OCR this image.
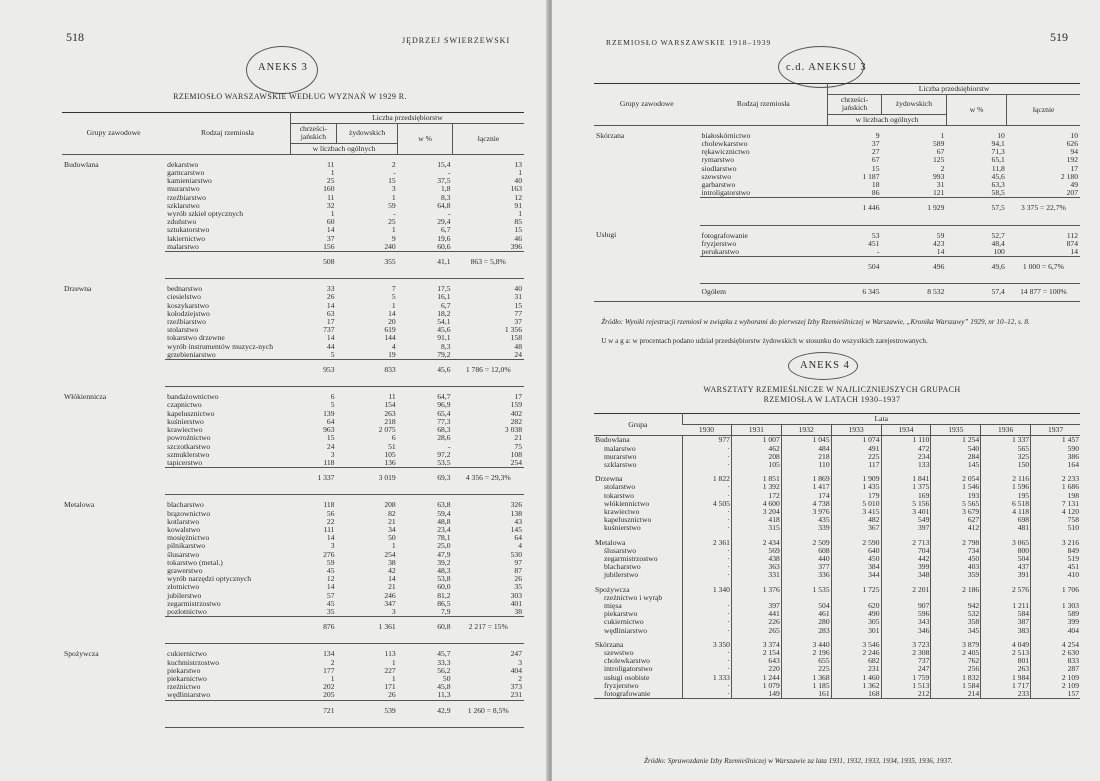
518	JĘDRZEJ SWIERZEWSKI
ANEKS 3
RZEMIOSŁO WARSZAWSKIE WEDŁUG WYZNAŃ W 1929 R.
Grupy zawodowe	Rodzaj rzemiosła	Liczba przedsiębiorstw			
		chrześci-jańskich	żydowskich	w %	łącznie
		w liczbach ogólnych			
Budowlana	dekarstwo	11	2	15,4	13
	garncarstwo	1	-	-	1
	kamieniarstwo	25	15	37,5	40
	murarstwo	160	3	1,8	163
	rzeźbiarstwo	11	1	8,3	12
	szklarstwo	32	59	64,8	91
	wyrób szkieł optycznych	1	-	-	1
	zduństwo	60	25	29,4	85
	sztukatorstwo	14	1	6,7	15
	lakiernictwo	37	9	19,6	46
	malarstwo	156	240	60,6	396
		508	355	41,1	863 = 5,8%
Drzewna	bednarstwo	33	7	17,5	40
	ciesielstwo	26	5	16,1	31
	koszykarstwo	14	1	6,7	15
	kołodziejstwo	63	14	18,2	77
	rzeźbiarstwo	17	20	54,1	37
	stolarstwo	737	619	45,6	1 356
	tokarstwo drzewne	14	144	91,1	158
	wyrób instrumentów muzycz-nych	44	4	8,3	48
	grzebieniarstwo	5	19	79,2	24
		953	833	45,6	1 786 = 12,0%
Włókiennicza	bandażownictwo	6	11	64,7	17
	czapnictwo	5	154	96,9	159
	kapelusznictwo	139	263	65,4	402
	kuśnierstwo	64	218	77,3	282
	krawiectwo	963	2 075	68,3	3 038
	powroźnictwo	15	6	28,6	21
	szczotkarstwo	24	51	-	75
	szmuklerstwo	3	105	97,2	108
	tapicerstwo	118	136	53,5	254
		1 337	3 019	69,3	4 356 = 29,3%
Metalowa	blacharstwo	118	208	63,8	326
	brązownictwo	56	82	59,4	138
	kotlarstwo	22	21	48,8	43
	kowalstwo	111	34	23,4	145
	mosiężnictwo	14	50	78,1	64
	pilnikarstwo	3	1	25,0	4
	ślusarstwo	276	254	47,9	530
	tokarstwo (metal.)	59	38	39,2	97
	grawerstwo	45	42	48,3	87
	wyrób narzędzi optycznych	12	14	53,8	26
	złotnictwo	14	21	60,0	35
	jubilerstwo	57	246	81,2	303
	zegarmistrzostwo	45	347	86,5	401
	pozłotnictwo	35	3	7,9	38
		876	1 361	60,8	2 217 = 15%
Spożywcza	cukiernictwo	134	113	45,7	247
	kuchmistrzostwo	2	1	33,3	3
	piekarstwo	177	227	56,2	404
	piekarnictwo	1	1	50	2
	rzeźnictwo	202	171	45,8	373
	wędliniarstwo	205	26	11,3	231
		721	539	42,9	1 260 = 8,5%
RZEMIOSŁO WARSZAWSKIE 1918–1939	519
c.d. ANEKSU 3
Grupy zawodowe	Rodzaj rzemiosła	Liczba przedsiębiorstw			
		chrześci-jańskich	żydowskich	w %	łącznie
		w liczbach ogólnych			
Skórzana	białoskórnictwo	9	1	10	10
	cholewkarstwo	37	589	94,1	626
	rękawicznictwo	27	67	71,3	94
	rymarstwo	67	125	65,1	192
	siodlarstwo	15	2	11,8	17
	szewstwo	1 187	993	45,6	2 180
	garbarstwo	18	31	63,3	49
	introligatorstwo	86	121	58,5	207
		1 446	1 929	57,5	3 375 = 22,7%
Usługi	fotografowanie	53	59	52,7	112
	fryzjerstwo	451	423	48,4	874
	perukarstwo	-	14	100	14
		504	496	49,6	1 000 = 6,7%
	Ogółem	6 345	8 532	57,4	14 877 = 100%
Źródło: Wyniki rejestracji rzemiosł w związku z wyborami do pierwszej Izby Rzemieślniczej w Warszawie, „Kronika Warszawy” 1929, nr 10–12, s. 8.
U w a g a: w procentach podano udział przedsiębiorstw żydowskich w stosunku do wszystkich zarejestrowanych.
ANEKS 4
WARSZTATY RZEMIEŚLNICZE W NAJLICZNIEJSZYCH GRUPACH
RZEMIOSŁA W LATACH 1930–1937
Grupa	Lata							
	1930	1931	1932	1933	1934	1935	1936	1937
Budowlana	977	1 007	1 045	1 074	1 110	1 254	1 337	1 457
malarstwo	·	462	484	491	472	540	565	590
murarstwo	·	208	218	225	234	284	325	386
szklarstwo	·	105	110	117	133	145	150	164
Drzewna	1 822	1 851	1 869	1 909	1 841	2 054	2 116	2 233
stolarstwo	·	1 392	1 417	1 435	1 375	1 546	1 596	1 686
tokarstwo	·	172	174	179	169	193	195	198
włókiennictwo	4 505	4 600	4 738	5 010	5 156	5 565	6 518	7 131
krawiectwo	·	3 204	3 976	3 415	3 401	3 679	4 118	4 120
kapelusznictwo	·	418	435	482	549	627	698	758
kuśnierstwo	·	315	339	367	397	412	481	510
Metalowa	2 361	2 434	2 509	2 590	2 713	2 798	3 065	3 216
ślusarstwo	·	569	608	640	704	734	800	849
zegarmistrzostwo	·	438	440	450	442	450	504	519
blacharstwo	·	363	377	384	399	403	437	451
jubilerstwo	·	331	336	344	348	359	391	410
Spożywcza	1 340	1 376	1 535	1 725	2 201	2 186	2 576	1 706
rzeźnictwo i wyrąb								
mięsa	·	397	504	620	907	942	1 211	1 303
piekarstwo	·	441	461	490	596	532	584	589
cukiernictwo	·	226	280	305	343	358	387	399
wędliniarstwo	·	265	283	301	346	345	383	404
Skórzana	3 350	3 374	3 440	3 546	3 723	3 879	4 049	4 254
szewstwo	·	2 154	2 196	2 246	2 308	2 405	2 513	2 630
cholewkarstwo	·	643	655	682	737	762	801	833
introligatorstwo	·	220	225	231	247	256	263	287
usługi osobiste	1 333	1 244	1 368	1 460	1 759	1 832	1 984	2 109
fryzjerstwo	·	1 079	1 185	1 362	1 513	1 584	1 717	2 109
fotografowanie	·	149	161	168	212	214	233	157

Źródło: Sprawozdanie Izby Rzemieślniczej w Warszawie za lata 1931, 1932, 1933, 1934, 1935, 1936, 1937.
